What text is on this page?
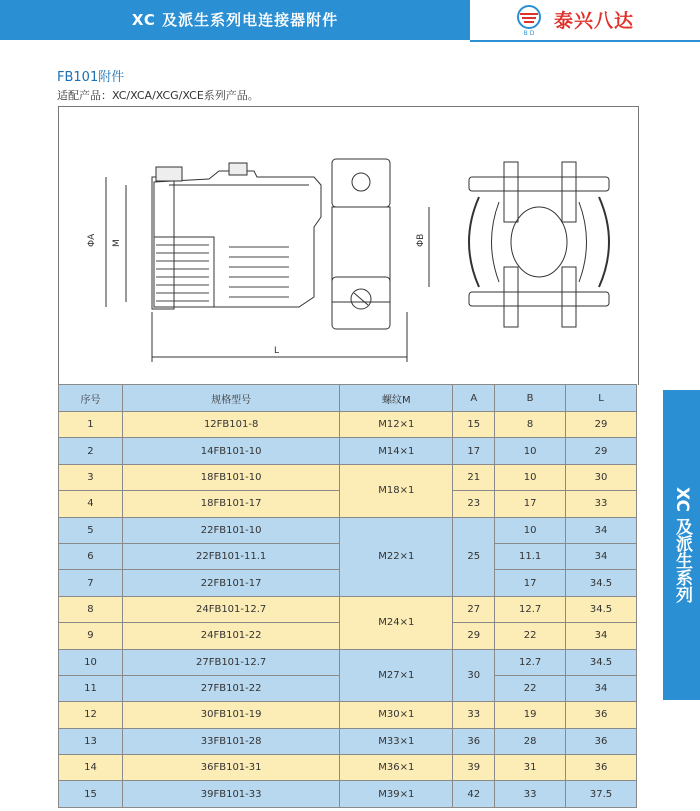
XC 及派生系列电连接器附件
B D
泰兴八达
FB101附件
适配产品：XC/XCA/XCG/XCE系列产品。
ΦA M	ΦB
L
序号	规格型号	螺纹M	A	B	L
1	12FB101-8	M12×1	15	8	29
2	14FB101-10	M14×1	17	10	29
3	18FB101-10	M18×1	21	10	30
4	18FB101-17		23	17	33
5	22FB101-10	M22×1	25	10	34
6	22FB101-11.1			11.1	34
7	22FB101-17			17	34.5
8	24FB101-12.7	M24×1	27	12.7	34.5
9	24FB101-22		29	22	34
10	27FB101-12.7	M27×1	30	12.7	34.5
11	27FB101-22			22	34
12	30FB101-19	M30×1	33	19	36
13	33FB101-28	M33×1	36	28	36
14	36FB101-31	M36×1	39	31	36
15	39FB101-33	M39×1	42	33	37.5
XC 及派生系列
